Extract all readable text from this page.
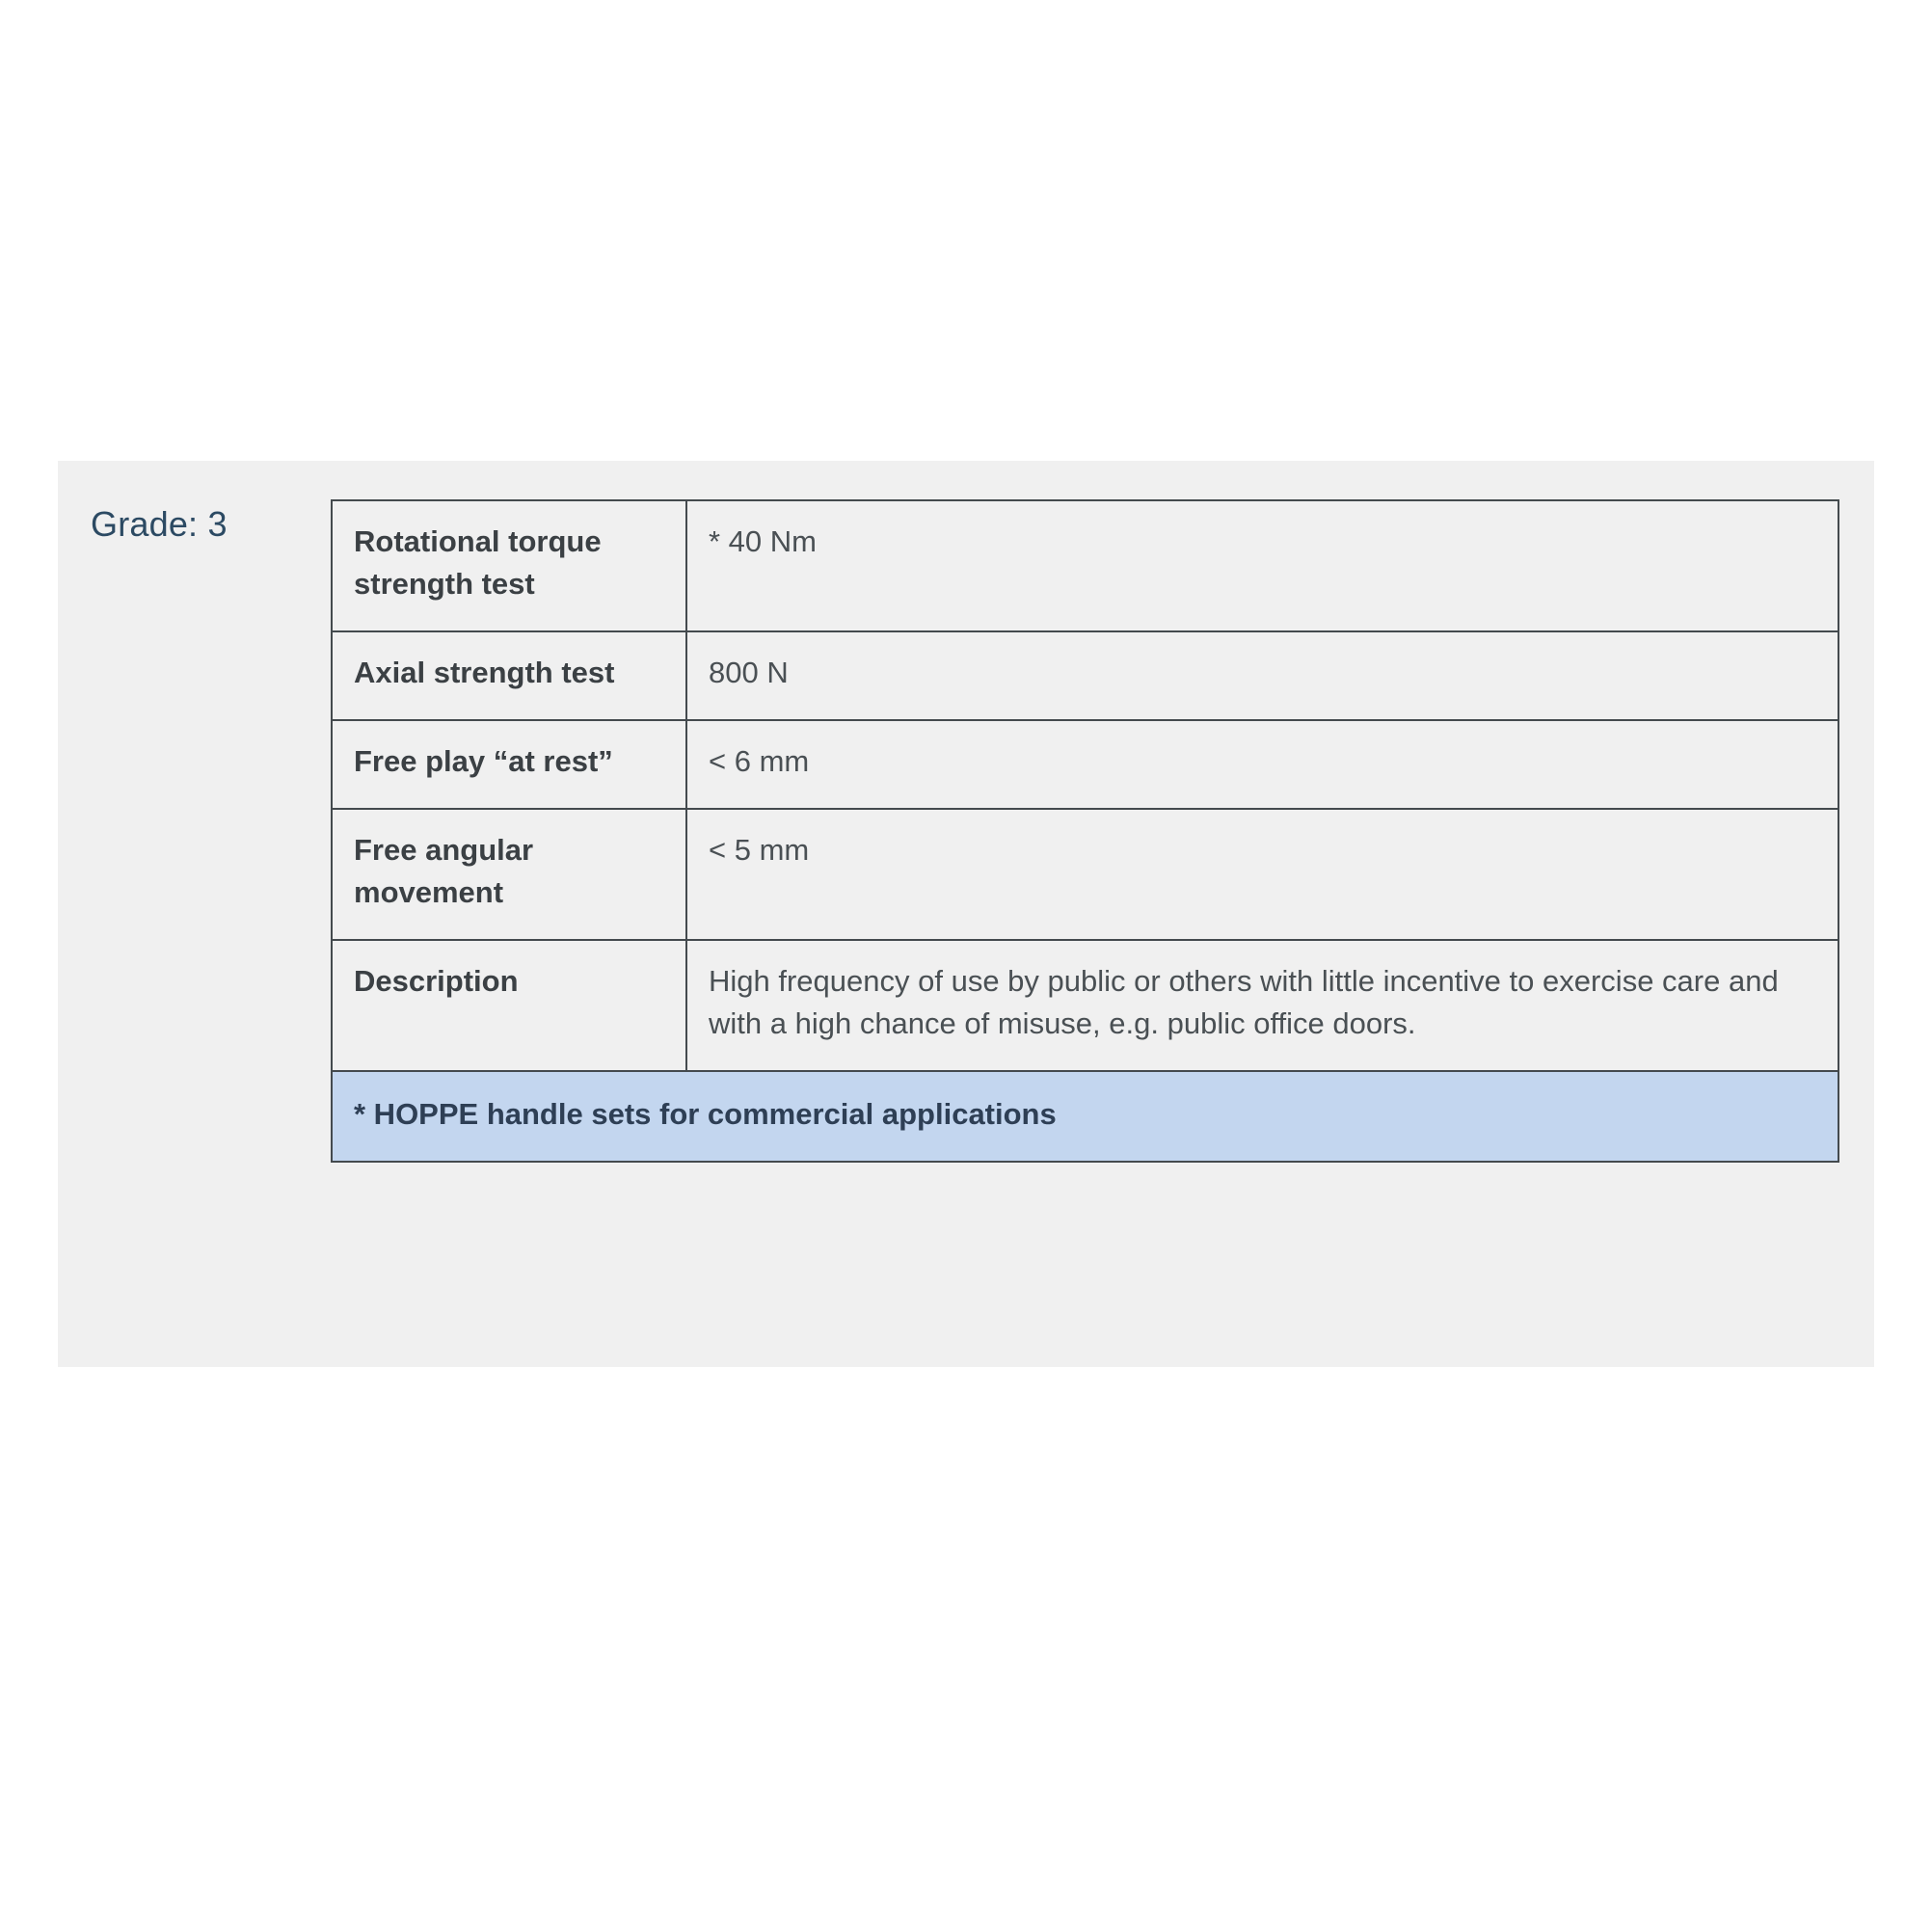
Grade: 3	Rotational torque strength test	* 40 Nm
Axial strength test	800 N
Free play “at rest”	< 6 mm
Free angular movement	< 5 mm
Description	High frequency of use by public or others with little incentive to exercise care and with a high chance of misuse, e.g. public office doors.
* HOPPE handle sets for commercial applications	
